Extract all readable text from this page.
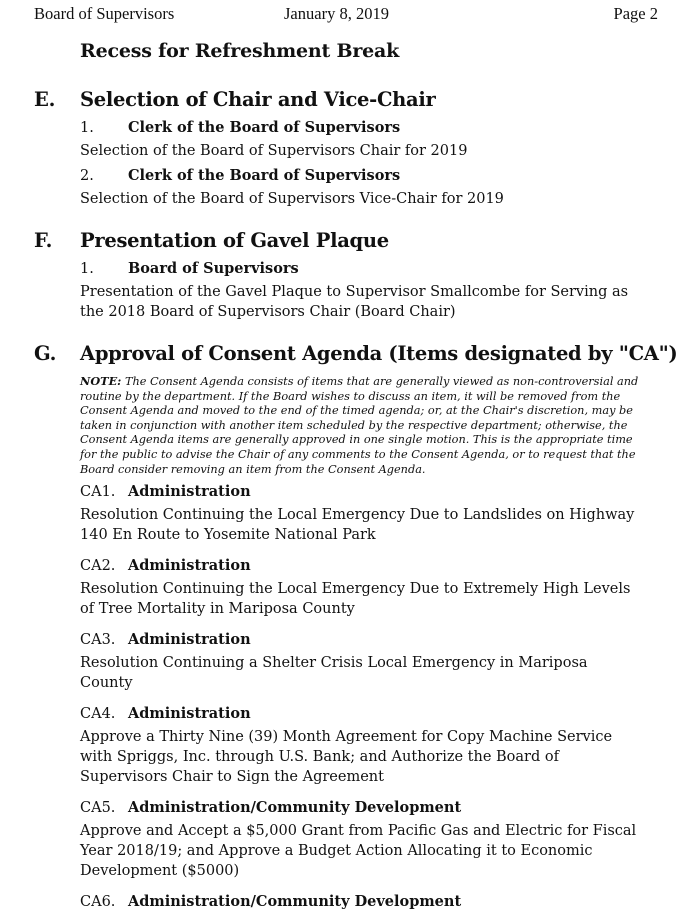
Board of Supervisors	January 8, 2019	Page 2
Recess for Refreshment Break
E. Selection of Chair and Vice-Chair
1. Clerk of the Board of Supervisors
Selection of the Board of Supervisors Chair for 2019
2. Clerk of the Board of Supervisors
Selection of the Board of Supervisors Vice-Chair for 2019
F. Presentation of Gavel Plaque
1. Board of Supervisors
Presentation of the Gavel Plaque to Supervisor Smallcombe for Serving as the 2018 Board of Supervisors Chair (Board Chair)
G. Approval of Consent Agenda (Items designated by "CA")
NOTE: The Consent Agenda consists of items that are generally viewed as non-controversial and routine by the department. If the Board wishes to discuss an item, it will be removed from the Consent Agenda and moved to the end of the timed agenda; or, at the Chair's discretion, may be taken in conjunction with another item scheduled by the respective department; otherwise, the Consent Agenda items are generally approved in one single motion. This is the appropriate time for the public to advise the Chair of any comments to the Consent Agenda, or to request that the Board consider removing an item from the Consent Agenda.
CA1. Administration
Resolution Continuing the Local Emergency Due to Landslides on Highway 140 En Route to Yosemite National Park
CA2. Administration
Resolution Continuing the Local Emergency Due to Extremely High Levels of Tree Mortality in Mariposa County
CA3. Administration
Resolution Continuing a Shelter Crisis Local Emergency in Mariposa County
CA4. Administration
Approve a Thirty Nine (39) Month Agreement for Copy Machine Service with Spriggs, Inc. through U.S. Bank; and Authorize the Board of Supervisors Chair to Sign the Agreement
CA5. Administration/Community Development
Approve and Accept a $5,000 Grant from Pacific Gas and Electric for Fiscal Year 2018/19; and Approve a Budget Action Allocating it to Economic Development ($5000)
CA6. Administration/Community Development
